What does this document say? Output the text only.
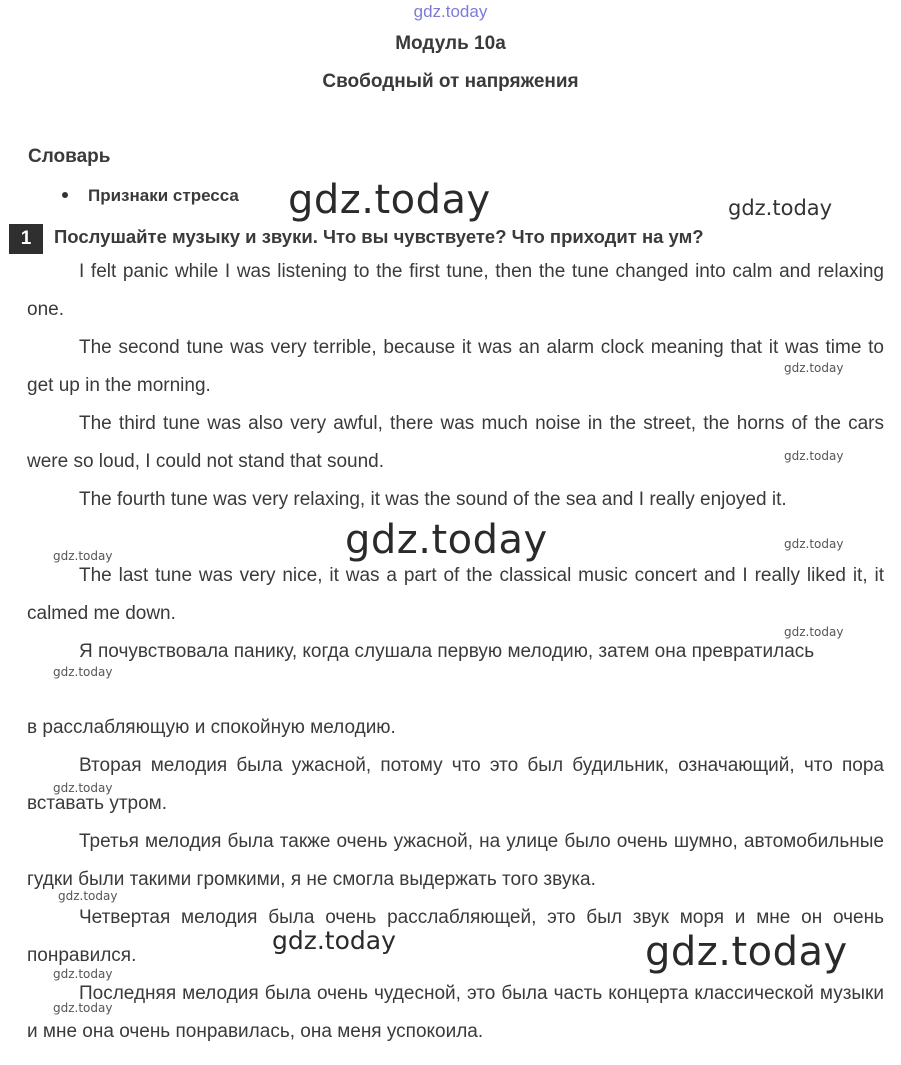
gdz.today
Модуль 10a
Свободный от напряжения
Словарь
Признаки стресса
1	Послушайте музыку и звуки. Что вы чувствуете? Что приходит на ум?

I felt panic while I was listening to the first tune, then the tune changed into calm and relaxing one.

The second tune was very terrible, because it was an alarm clock meaning that it was time to get up in the morning.

The third tune was also very awful, there was much noise in the street, the horns of the cars were so loud, I could not stand that sound.

The fourth tune was very relaxing, it was the sound of the sea and I really enjoyed it.

The last tune was very nice, it was a part of the classical music concert and I really liked it, it calmed me down.

Я почувствовала панику, когда слушала первую мелодию, затем она превратилась

в расслабляющую и спокойную мелодию.

Вторая мелодия была ужасной, потому что это был будильник, означающий, что пора вставать утром.

Третья мелодия была также очень ужасной, на улице было очень шумно, автомобильные гудки были такими громкими, я не смогла выдержать того звука.

Четвертая мелодия была очень расслабляющей, это был звук моря и мне он очень понравился.

Последняя мелодия была очень чудесной, это была часть концерта классической музыки и мне она очень понравилась, она меня успокоила.

gdz.today	gdz.today
gdz.today
gdz.today
gdz.today	gdz.today
gdz.today
gdz.today
gdz.today
gdz.today
gdz.today
gdz.today	gdz.today
gdz.today
gdz.today
